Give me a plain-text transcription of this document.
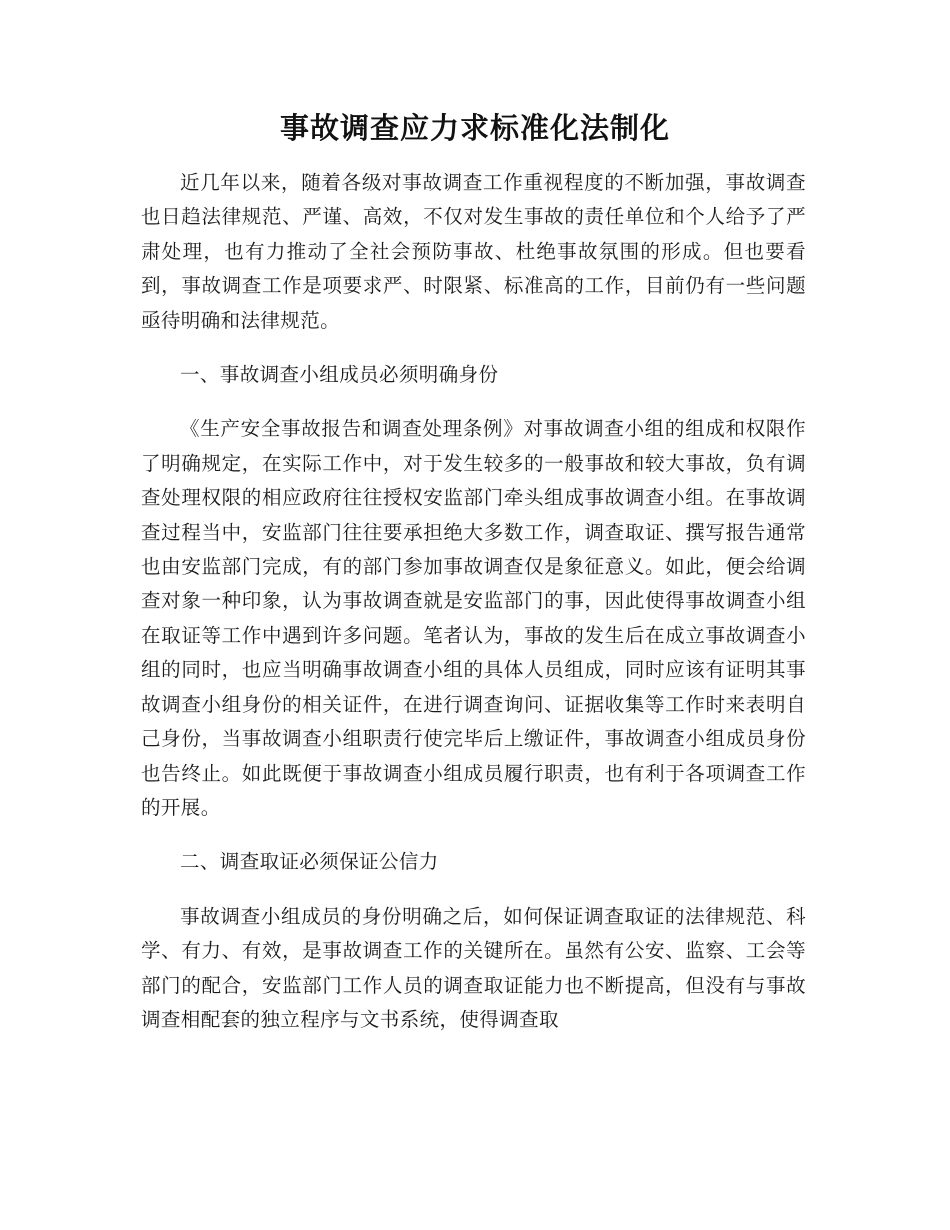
事故调查应力求标准化法制化

近几年以来，随着各级对事故调查工作重视程度的不断加强，事故调查也日趋法律规范、严谨、高效，不仅对发生事故的责任单位和个人给予了严肃处理，也有力推动了全社会预防事故、杜绝事故氛围的形成。但也要看到，事故调查工作是项要求严、时限紧、标准高的工作，目前仍有一些问题亟待明确和法律规范。

一、事故调查小组成员必须明确身份

《生产安全事故报告和调查处理条例》对事故调查小组的组成和权限作了明确规定，在实际工作中，对于发生较多的一般事故和较大事故，负有调查处理权限的相应政府往往授权安监部门牵头组成事故调查小组。在事故调查过程当中，安监部门往往要承担绝大多数工作，调查取证、撰写报告通常也由安监部门完成，有的部门参加事故调查仅是象征意义。如此，便会给调查对象一种印象，认为事故调查就是安监部门的事，因此使得事故调查小组在取证等工作中遇到许多问题。笔者认为，事故的发生后在成立事故调查小组的同时，也应当明确事故调查小组的具体人员组成，同时应该有证明其事故调查小组身份的相关证件，在进行调查询问、证据收集等工作时来表明自己身份，当事故调查小组职责行使完毕后上缴证件，事故调查小组成员身份也告终止。如此既便于事故调查小组成员履行职责，也有利于各项调查工作的开展。

二、调查取证必须保证公信力

事故调查小组成员的身份明确之后，如何保证调查取证的法律规范、科学、有力、有效，是事故调查工作的关键所在。虽然有公安、监察、工会等部门的配合，安监部门工作人员的调查取证能力也不断提高，但没有与事故调查相配套的独立程序与文书系统，使得调查取
